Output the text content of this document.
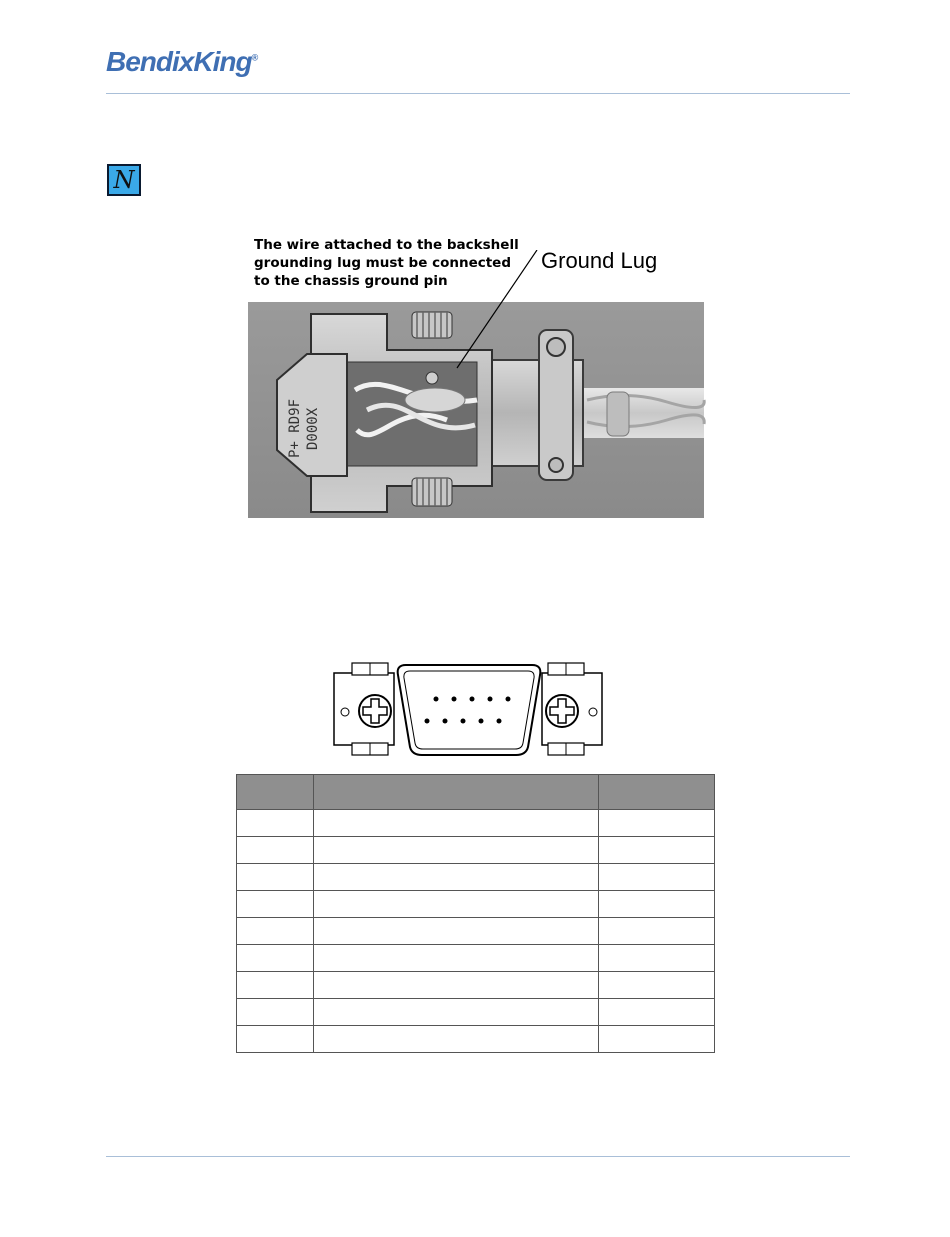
BendixKing®
N
P+ RD9F D000X
The wire attached to the backshell
grounding lug must be connected
to the chassis ground pin
Ground Lug
